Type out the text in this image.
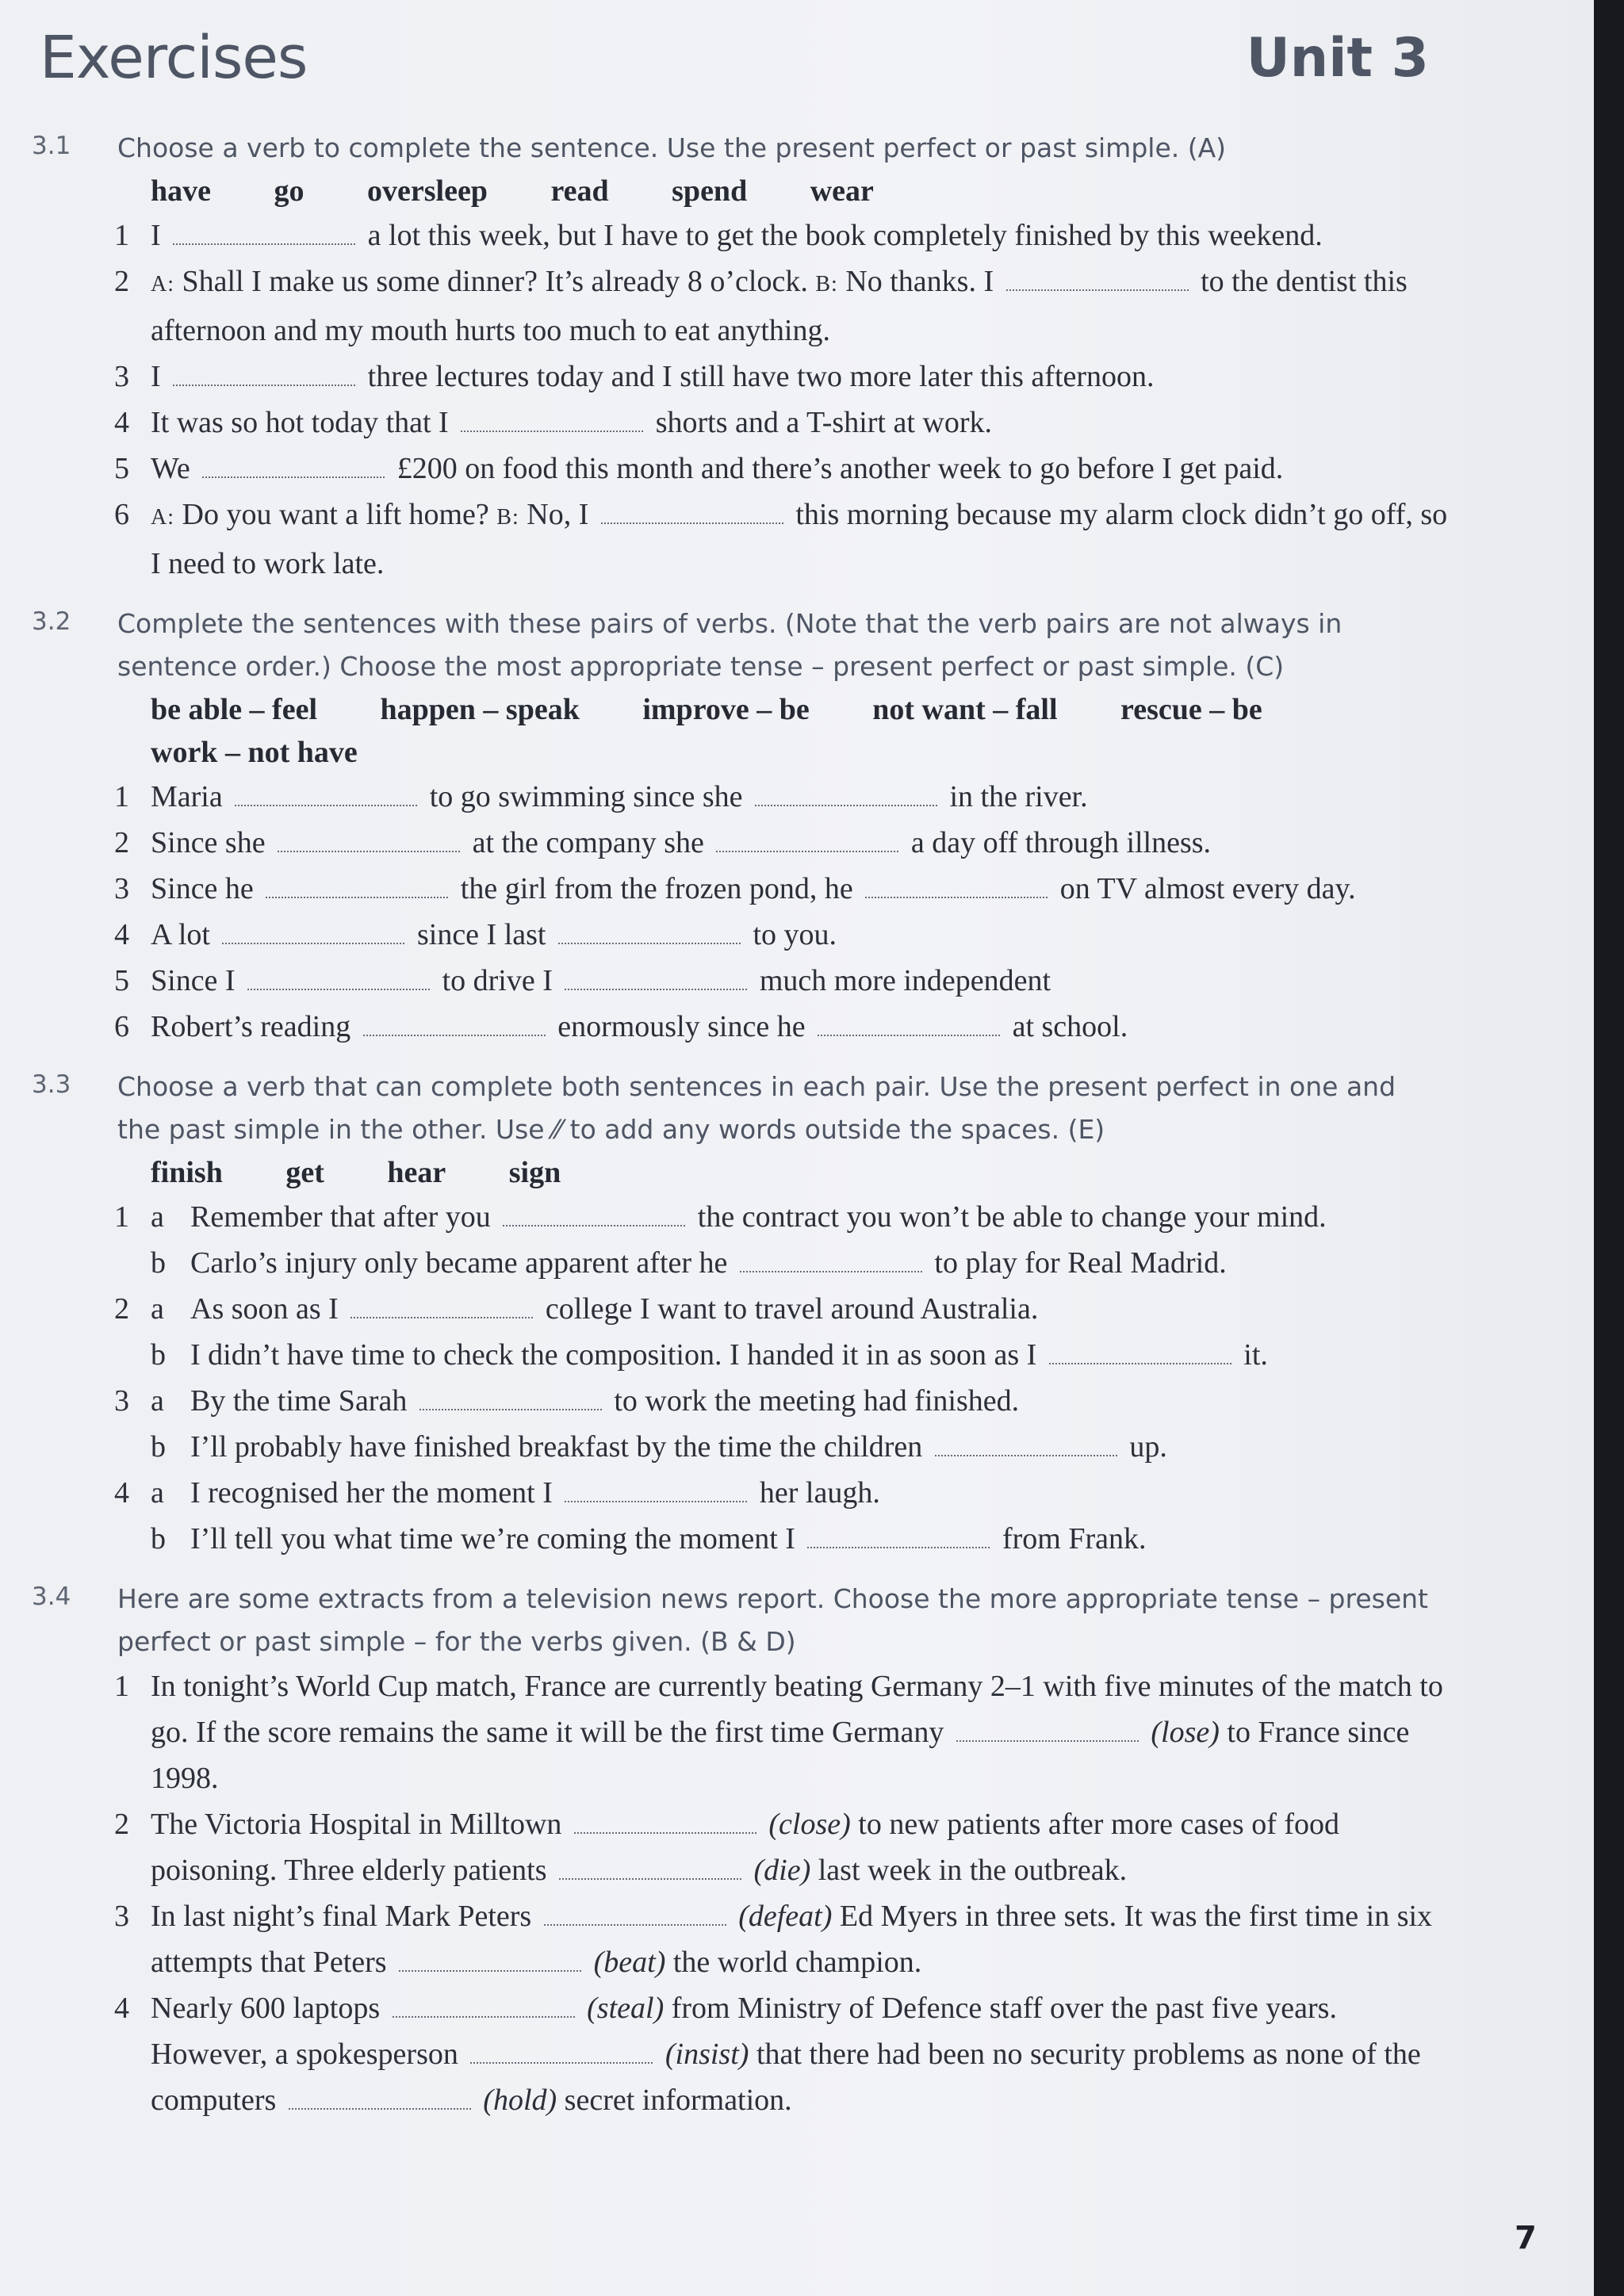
Exercises	Unit 3
3.1 Choose a verb to complete the sentence. Use the present perfect or past simple. (A)
have go oversleep read spend wear
1 I	a lot this week, but I have to get the book completely finished by this weekend.
2 A: Shall I make us some dinner? It’s already 8 o’clock. B: No thanks. I	to the dentist this afternoon and my mouth hurts too much to eat anything.
3 I	three lectures today and I still have two more later this afternoon.
4 It was so hot today that I	shorts and a T-shirt at work.
5 We	£200 on food this month and there’s another week to go before I get paid.
6 A: Do you want a lift home? B: No, I	this morning because my alarm clock didn’t go off, so I need to work late.
3.2 Complete the sentences with these pairs of verbs. (Note that the verb pairs are not always in sentence order.) Choose the most appropriate tense – present perfect or past simple. (C)
be able – feel happen – speak improve – be not want – fall rescue – be work – not have
1 Maria	to go swimming since she	in the river.
2 Since she	at the company she	a day off through illness.
3 Since he	the girl from the frozen pond, he	on TV almost every day.
4 A lot	since I last	to you.
5 Since I	to drive I	much more independent
6 Robert’s reading	enormously since he	at school.
3.3 Choose a verb that can complete both sentences in each pair. Use the present perfect in one and the past simple in the other. Use ⁄⁄ to add any words outside the spaces. (E)
finish get hear sign
1 a Remember that after you	the contract you won’t be able to change your mind.
b Carlo’s injury only became apparent after he	to play for Real Madrid.
2 a As soon as I	college I want to travel around Australia.
b I didn’t have time to check the composition. I handed it in as soon as I	it.
3 a By the time Sarah	to work the meeting had finished.
b I’ll probably have finished breakfast by the time the children	up.
4 a I recognised her the moment I	her laugh.
b I’ll tell you what time we’re coming the moment I	from Frank.
3.4 Here are some extracts from a television news report. Choose the more appropriate tense – present perfect or past simple – for the verbs given. (B & D)
1 In tonight’s World Cup match, France are currently beating Germany 2–1 with five minutes of the match to go. If the score remains the same it will be the first time Germany	(lose) to France since 1998.
2 The Victoria Hospital in Milltown	(close) to new patients after more cases of food poisoning. Three elderly patients	(die) last week in the outbreak.
3 In last night’s final Mark Peters	(defeat) Ed Myers in three sets. It was the first time in six attempts that Peters	(beat) the world champion.
4 Nearly 600 laptops	(steal) from Ministry of Defence staff over the past five years. However, a spokesperson	(insist) that there had been no security problems as none of the computers	(hold) secret information.
7
